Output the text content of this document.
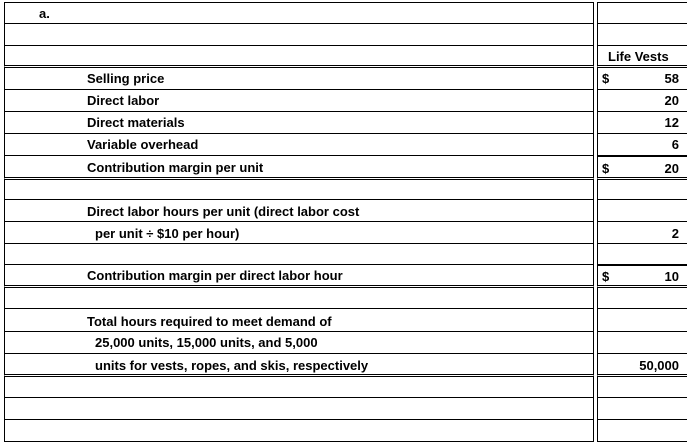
a.
Life Vests
Selling price	$	58
Direct labor	20
Direct materials	12
Variable overhead	6
Contribution margin per unit	$	20
Direct labor hours per unit (direct labor cost
per unit ÷ $10 per hour)	2
Contribution margin per direct labor hour	$	10
Total hours required to meet demand of
25,000 units, 15,000 units, and 5,000
units for vests, ropes, and skis, respectively	50,000
